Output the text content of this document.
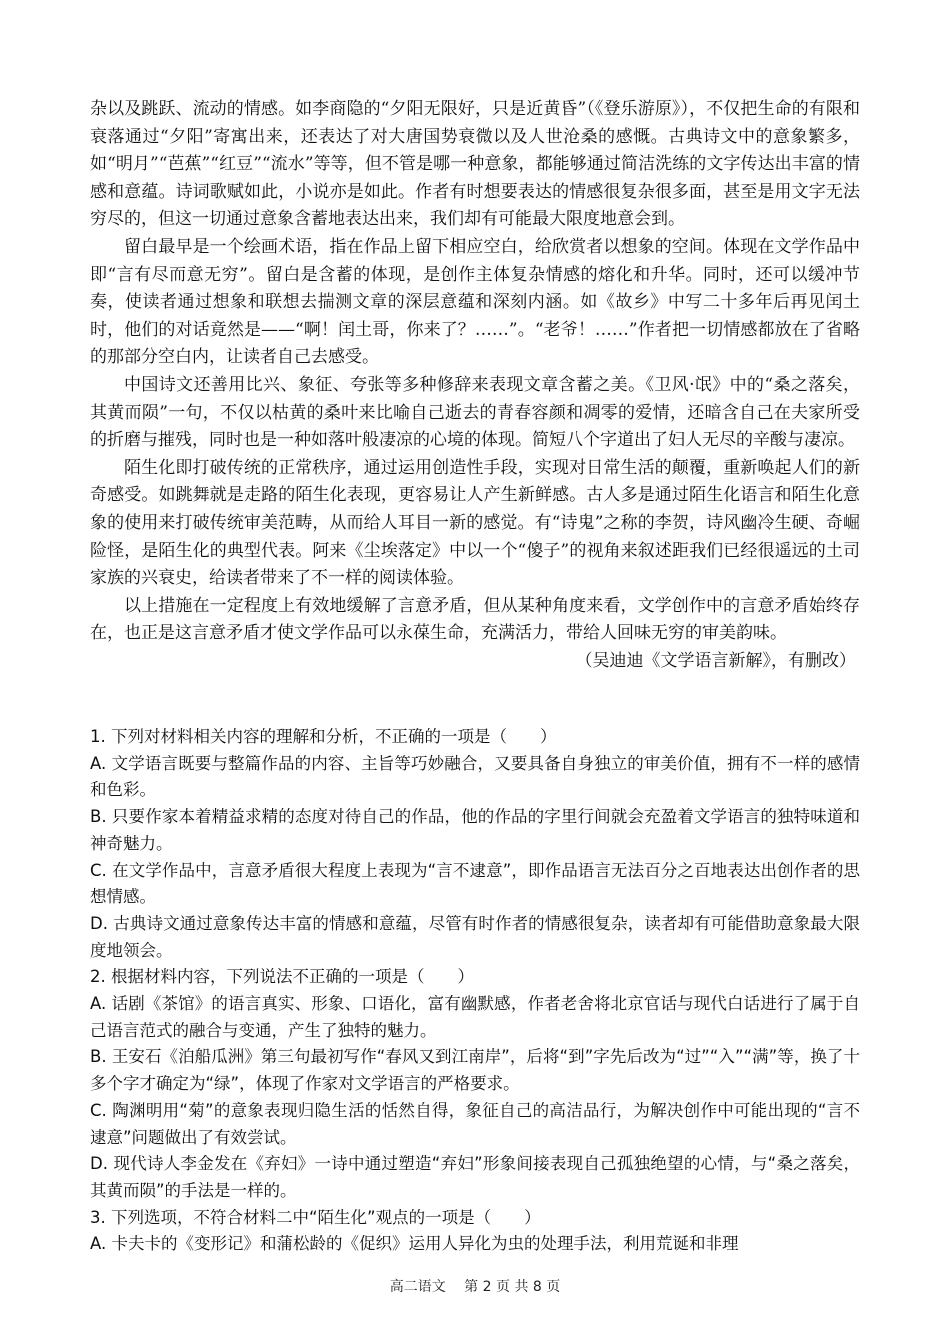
杂以及跳跃、流动的情感。如李商隐的“夕阳无限好，只是近黄昏”（《登乐游原》），不仅把生命的有限和衰落通过“夕阳”寄寓出来，还表达了对大唐国势衰微以及人世沧桑的感慨。古典诗文中的意象繁多，如“明月”“芭蕉”“红豆”“流水”等等，但不管是哪一种意象，都能够通过简洁洗练的文字传达出丰富的情感和意蕴。诗词歌赋如此，小说亦是如此。作者有时想要表达的情感很复杂很多面，甚至是用文字无法穷尽的，但这一切通过意象含蓄地表达出来，我们却有可能最大限度地意会到。

留白最早是一个绘画术语，指在作品上留下相应空白，给欣赏者以想象的空间。体现在文学作品中即“言有尽而意无穷”。留白是含蓄的体现，是创作主体复杂情感的熔化和升华。同时，还可以缓冲节奏，使读者通过想象和联想去揣测文章的深层意蕴和深刻内涵。如《故乡》中写二十多年后再见闰土时，他们的对话竟然是——“啊！闰土哥，你来了？……”。“老爷！……”作者把一切情感都放在了省略的那部分空白内，让读者自己去感受。

中国诗文还善用比兴、象征、夸张等多种修辞来表现文章含蓄之美。《卫风·氓》中的“桑之落矣，其黄而陨”一句，不仅以枯黄的桑叶来比喻自己逝去的青春容颜和凋零的爱情，还暗含自己在夫家所受的折磨与摧残，同时也是一种如落叶般凄凉的心境的体现。简短八个字道出了妇人无尽的辛酸与凄凉。

陌生化即打破传统的正常秩序，通过运用创造性手段，实现对日常生活的颠覆，重新唤起人们的新奇感受。如跳舞就是走路的陌生化表现，更容易让人产生新鲜感。古人多是通过陌生化语言和陌生化意象的使用来打破传统审美范畴，从而给人耳目一新的感觉。有“诗鬼”之称的李贺，诗风幽冷生硬、奇崛险怪，是陌生化的典型代表。阿来《尘埃落定》中以一个“傻子”的视角来叙述距我们已经很遥远的土司家族的兴衰史，给读者带来了不一样的阅读体验。

以上措施在一定程度上有效地缓解了言意矛盾，但从某种角度来看，文学创作中的言意矛盾始终存在，也正是这言意矛盾才使文学作品可以永葆生命，充满活力，带给人回味无穷的审美韵味。

（吴迪迪《文学语言新解》，有删改）

1. 下列对材料相关内容的理解和分析，不正确的一项是（　　）

A. 文学语言既要与整篇作品的内容、主旨等巧妙融合，又要具备自身独立的审美价值，拥有不一样的感情和色彩。

B. 只要作家本着精益求精的态度对待自己的作品，他的作品的字里行间就会充盈着文学语言的独特味道和神奇魅力。

C. 在文学作品中，言意矛盾很大程度上表现为“言不逮意”，即作品语言无法百分之百地表达出创作者的思想情感。

D. 古典诗文通过意象传达丰富的情感和意蕴，尽管有时作者的情感很复杂，读者却有可能借助意象最大限度地领会。

2. 根据材料内容，下列说法不正确的一项是（　　）

A. 话剧《茶馆》的语言真实、形象、口语化，富有幽默感，作者老舍将北京官话与现代白话进行了属于自己语言范式的融合与变通，产生了独特的魅力。

B. 王安石《泊船瓜洲》第三句最初写作“春风又到江南岸”，后将“到”字先后改为“过”“入”“满”等，换了十多个字才确定为“绿”，体现了作家对文学语言的严格要求。

C. 陶渊明用“菊”的意象表现归隐生活的恬然自得，象征自己的高洁品行，为解决创作中可能出现的“言不逮意”问题做出了有效尝试。

D. 现代诗人李金发在《弃妇》一诗中通过塑造“弃妇”形象间接表现自己孤独绝望的心情，与“桑之落矣，其黄而陨”的手法是一样的。

3. 下列选项，不符合材料二中“陌生化”观点的一项是（　　）

A. 卡夫卡的《变形记》和蒲松龄的《促织》运用人异化为虫的处理手法，利用荒诞和非理

高二语文　 第 2 页 共 8 页
